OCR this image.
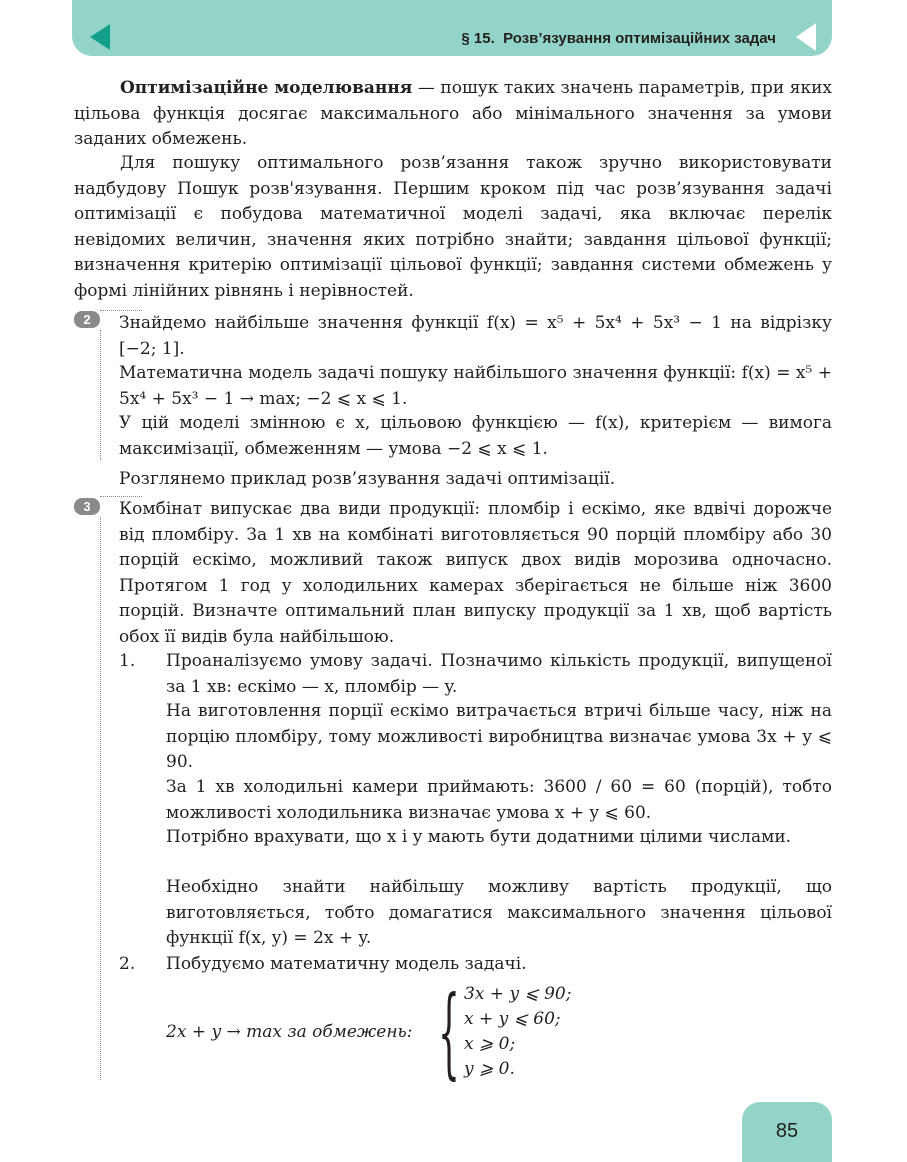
§ 15. Розв’язування оптимізаційних задач

Оптимізаційне моделювання — пошук таких значень параметрів, при яких цільова функція досягає максимального або мінімального значення за умови заданих обмежень.

Для пошуку оптимального розв’язання також зручно використовувати надбудову Пошук розв'язування. Першим кроком під час розв’язування задачі оптимізації є побудова математичної моделі задачі, яка включає перелік невідомих величин, значення яких потрібно знайти; завдання цільової функції; визначення критерію оптимізації цільової функції; завдання системи обмежень у формі лінійних рівнянь і нерівностей.

2	Знайдемо найбільше значення функції f(x) = x⁵ + 5x⁴ + 5x³ − 1 на відрізку [−2; 1].

Математична модель задачі пошуку найбільшого значення функції: f(x) = x⁵ + 5x⁴ + 5x³ − 1 → max; −2 ⩽ x ⩽ 1.

У цій моделі змінною є x, цільовою функцією — f(x), критерієм — вимога максимізації, обмеженням — умова −2 ⩽ x ⩽ 1.

Розглянемо приклад розв’язування задачі оптимізації.

3	Комбінат випускає два види продукції: пломбір і ескімо, яке вдвічі дорожче від пломбіру. За 1 хв на комбінаті виготовляється 90 порцій пломбіру або 30 порцій ескімо, можливий також випуск двох видів морозива одночасно. Протягом 1 год у холодильних камерах зберігається не більше ніж 3600 порцій. Визначте оптимальний план випуску продукції за 1 хв, щоб вартість обох її видів була найбільшою.

1. Проаналізуємо умову задачі. Позначимо кількість продукції, випущеної за 1 хв: ескімо — x, пломбір — y.

На виготовлення порції ескімо витрачається втричі більше часу, ніж на порцію пломбіру, тому можливості виробництва визначає умова 3x + y ⩽ 90.

За 1 хв холодильні камери приймають: 3600 / 60 = 60 (порцій), тобто можливості холодильника визначає умова x + y ⩽ 60.

Потрібно врахувати, що x і y мають бути додатними цілими числами.

Необхідно знайти найбільшу можливу вартість продукції, що виготовляється, тобто домагатися максимального значення цільової функції f(x, y) = 2x + y.

2. Побудуємо математичну модель задачі.

2x + y → max за обмежень: { 3x + y ⩽ 90;
x + y ⩽ 60;
x ⩾ 0;
y ⩾ 0.
85
